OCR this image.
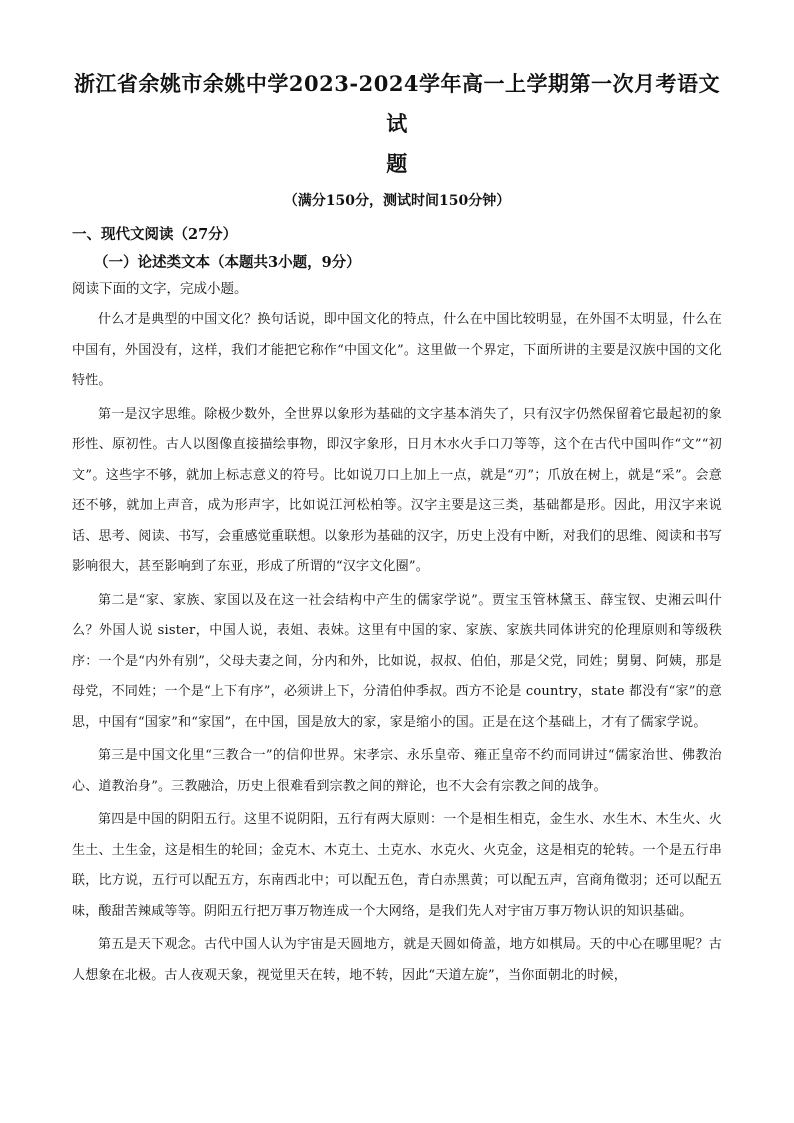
浙江省余姚市余姚中学2023-2024学年高一上学期第一次月考语文试
题
（满分150分，测试时间150分钟）
一、现代文阅读（27分）
（一）论述类文本（本题共3小题，9分）
阅读下面的文字，完成小题。

什么才是典型的中国文化？换句话说，即中国文化的特点，什么在中国比较明显，在外国不太明显，什么在中国有，外国没有，这样，我们才能把它称作“中国文化”。这里做一个界定，下面所讲的主要是汉族中国的文化特性。

第一是汉字思维。除极少数外，全世界以象形为基础的文字基本消失了，只有汉字仍然保留着它最起初的象形性、原初性。古人以图像直接描绘事物，即汉字象形，日月木水火手口刀等等，这个在古代中国叫作“文”“初文”。这些字不够，就加上标志意义的符号。比如说刀口上加上一点，就是“刃”；爪放在树上，就是“采”。会意还不够，就加上声音，成为形声字，比如说江河松柏等。汉字主要是这三类，基础都是形。因此，用汉字来说话、思考、阅读、书写，会重感觉重联想。以象形为基础的汉字，历史上没有中断，对我们的思维、阅读和书写影响很大，甚至影响到了东亚，形成了所谓的“汉字文化圈”。

第二是“家、家族、家国以及在这一社会结构中产生的儒家学说”。贾宝玉管林黛玉、薛宝钗、史湘云叫什么？外国人说 sister，中国人说，表姐、表妹。这里有中国的家、家族、家族共同体讲究的伦理原则和等级秩序：一个是“内外有别”，父母夫妻之间，分内和外，比如说，叔叔、伯伯，那是父党，同姓；舅舅、阿姨，那是母党，不同姓；一个是“上下有序”，必须讲上下，分清伯仲季叔。西方不论是 country，state 都没有“家”的意思，中国有“国家”和“家国”，在中国，国是放大的家，家是缩小的国。正是在这个基础上，才有了儒家学说。

第三是中国文化里“三教合一”的信仰世界。宋孝宗、永乐皇帝、雍正皇帝不约而同讲过“儒家治世、佛教治心、道教治身”。三教融洽，历史上很难看到宗教之间的辩论，也不大会有宗教之间的战争。

第四是中国的阴阳五行。这里不说阴阳，五行有两大原则：一个是相生相克，金生水、水生木、木生火、火生土、土生金，这是相生的轮回；金克木、木克土、土克水、水克火、火克金，这是相克的轮转。一个是五行串联，比方说，五行可以配五方，东南西北中；可以配五色，青白赤黑黄；可以配五声，宫商角徵羽；还可以配五味，酸甜苦辣咸等等。阴阳五行把万事万物连成一个大网络，是我们先人对宇宙万事万物认识的知识基础。

第五是天下观念。古代中国人认为宇宙是天圆地方，就是天圆如倚盖，地方如棋局。天的中心在哪里呢？古人想象在北极。古人夜观天象，视觉里天在转，地不转，因此“天道左旋”，当你面朝北的时候，
